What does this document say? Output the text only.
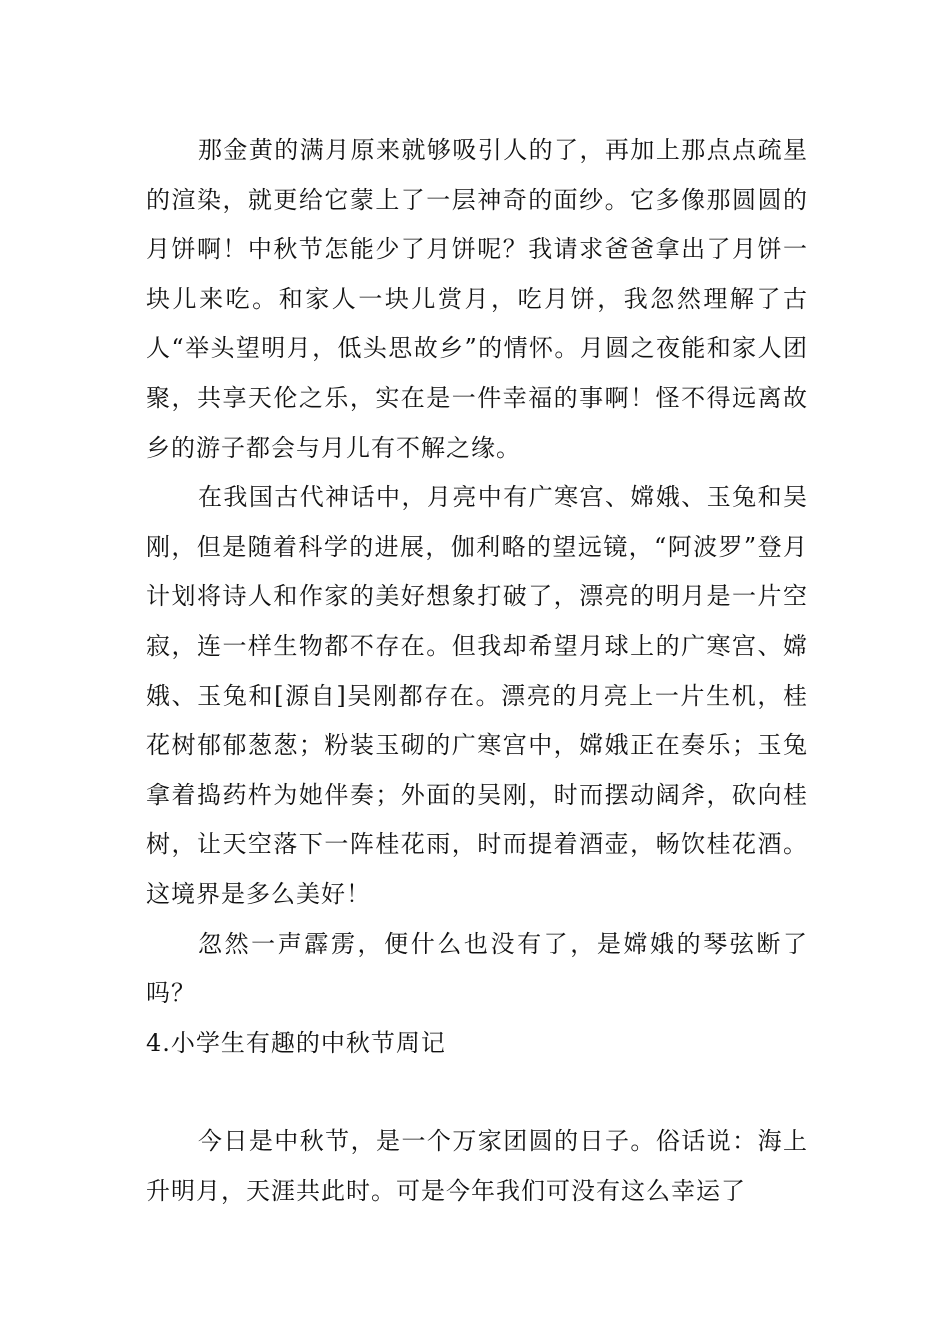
那金黄的满月原来就够吸引人的了，再加上那点点疏星的渲染，就更给它蒙上了一层神奇的面纱。它多像那圆圆的月饼啊！中秋节怎能少了月饼呢？我请求爸爸拿出了月饼一块儿来吃。和家人一块儿赏月，吃月饼，我忽然理解了古人“举头望明月，低头思故乡”的情怀。月圆之夜能和家人团聚，共享天伦之乐，实在是一件幸福的事啊！怪不得远离故乡的游子都会与月儿有不解之缘。

在我国古代神话中，月亮中有广寒宫、嫦娥、玉兔和吴刚，但是随着科学的进展，伽利略的望远镜，“阿波罗”登月计划将诗人和作家的美好想象打破了，漂亮的明月是一片空寂，连一样生物都不存在。但我却希望月球上的广寒宫、嫦娥、玉兔和[源自]吴刚都存在。漂亮的月亮上一片生机，桂花树郁郁葱葱；粉装玉砌的广寒宫中，嫦娥正在奏乐；玉兔拿着捣药杵为她伴奏；外面的吴刚，时而摆动阔斧，砍向桂树，让天空落下一阵桂花雨，时而提着酒壶，畅饮桂花酒。这境界是多么美好！

忽然一声霹雳，便什么也没有了，是嫦娥的琴弦断了吗？

4.小学生有趣的中秋节周记

今日是中秋节，是一个万家团圆的日子。俗话说：海上升明月，天涯共此时。可是今年我们可没有这么幸运了
